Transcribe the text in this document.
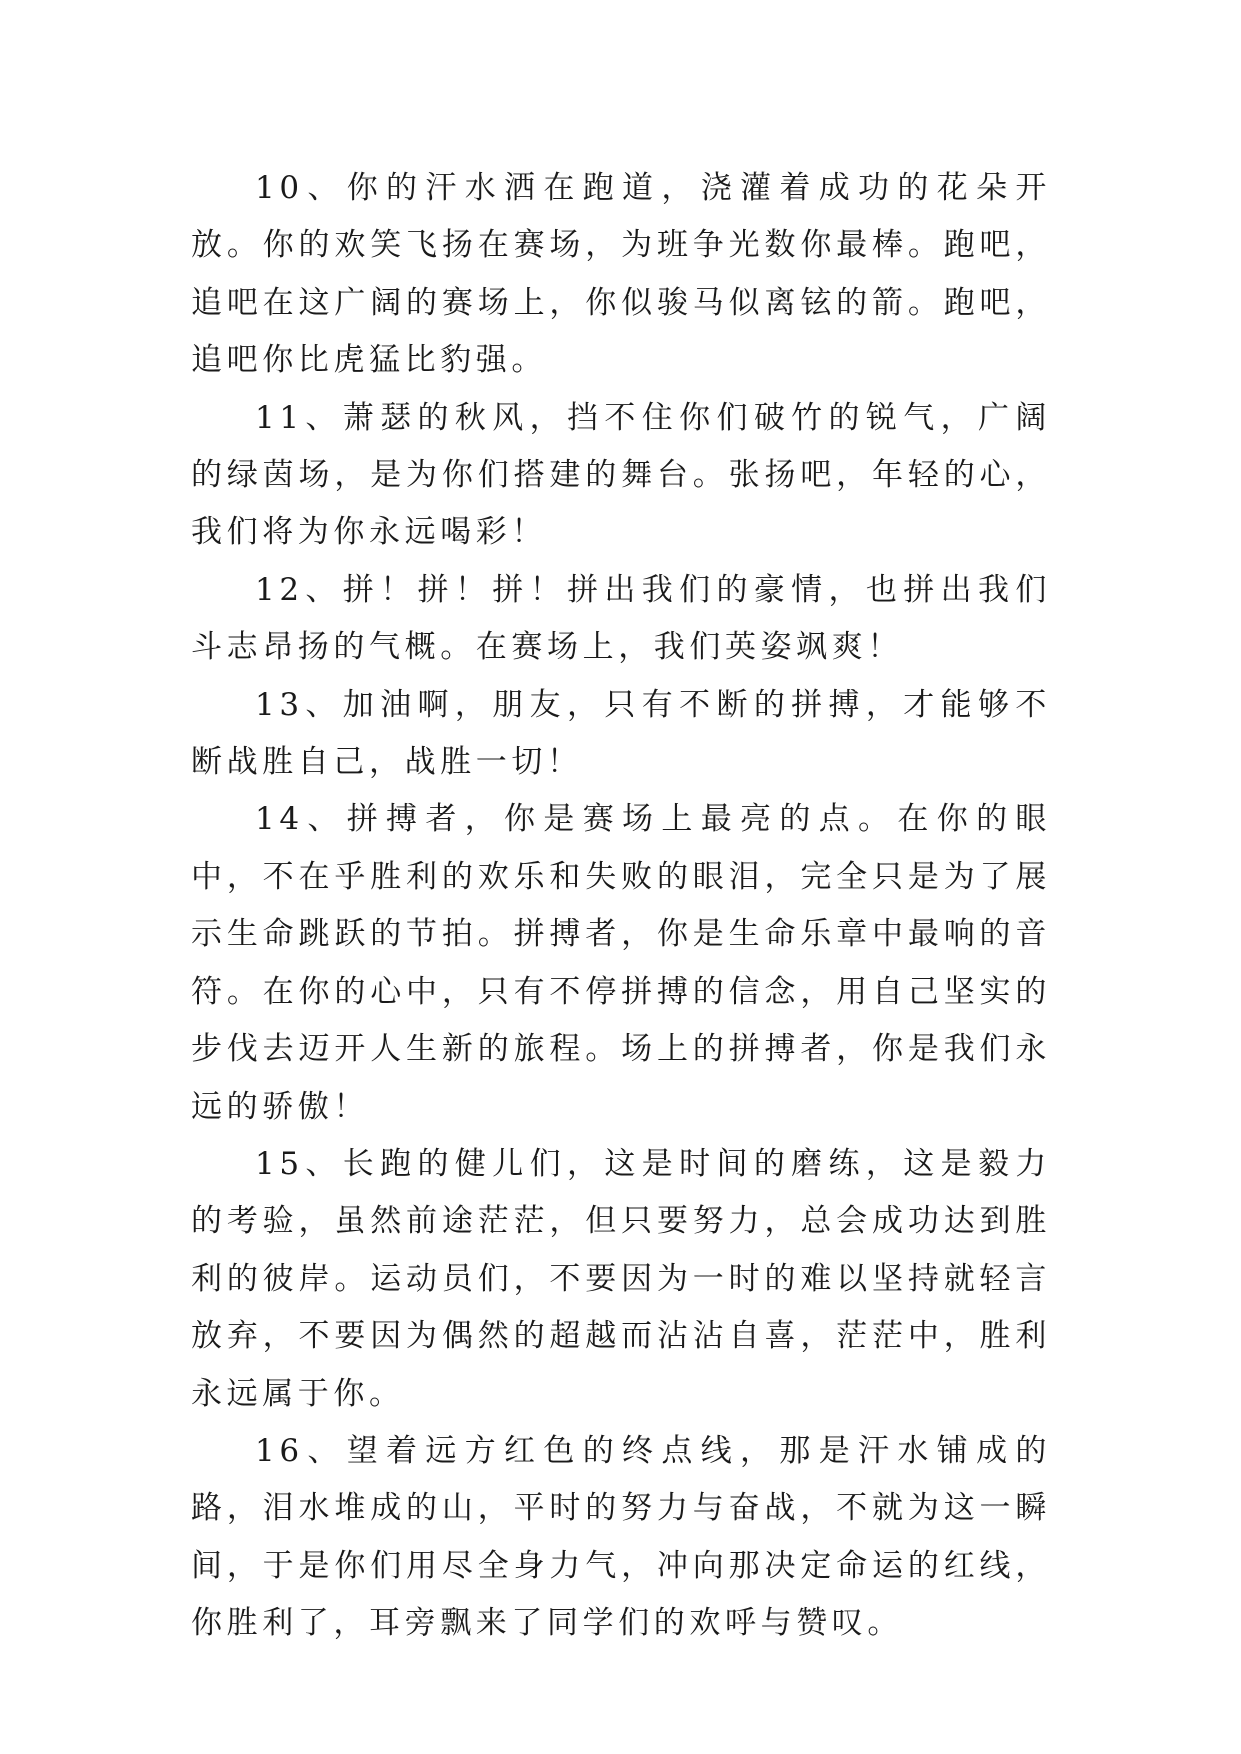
10、你的汗水洒在跑道，浇灌着成功的花朵开放。你的欢笑飞扬在赛场，为班争光数你最棒。跑吧，追吧在这广阔的赛场上，你似骏马似离铉的箭。跑吧，追吧你比虎猛比豹强。

11、萧瑟的秋风，挡不住你们破竹的锐气，广阔的绿茵场，是为你们搭建的舞台。张扬吧，年轻的心，我们将为你永远喝彩！

12、拼！拼！拼！拼出我们的豪情，也拼出我们斗志昂扬的气概。在赛场上，我们英姿飒爽！

13、加油啊，朋友，只有不断的拼搏，才能够不断战胜自己，战胜一切！

14、拼搏者，你是赛场上最亮的点。在你的眼中，不在乎胜利的欢乐和失败的眼泪，完全只是为了展示生命跳跃的节拍。拼搏者，你是生命乐章中最响的音符。在你的心中，只有不停拼搏的信念，用自己坚实的步伐去迈开人生新的旅程。场上的拼搏者，你是我们永远的骄傲！

15、长跑的健儿们，这是时间的磨练，这是毅力的考验，虽然前途茫茫，但只要努力，总会成功达到胜利的彼岸。运动员们，不要因为一时的难以坚持就轻言放弃，不要因为偶然的超越而沾沾自喜，茫茫中，胜利永远属于你。

16、望着远方红色的终点线，那是汗水铺成的路，泪水堆成的山，平时的努力与奋战，不就为这一瞬间，于是你们用尽全身力气，冲向那决定命运的红线，你胜利了，耳旁飘来了同学们的欢呼与赞叹。
